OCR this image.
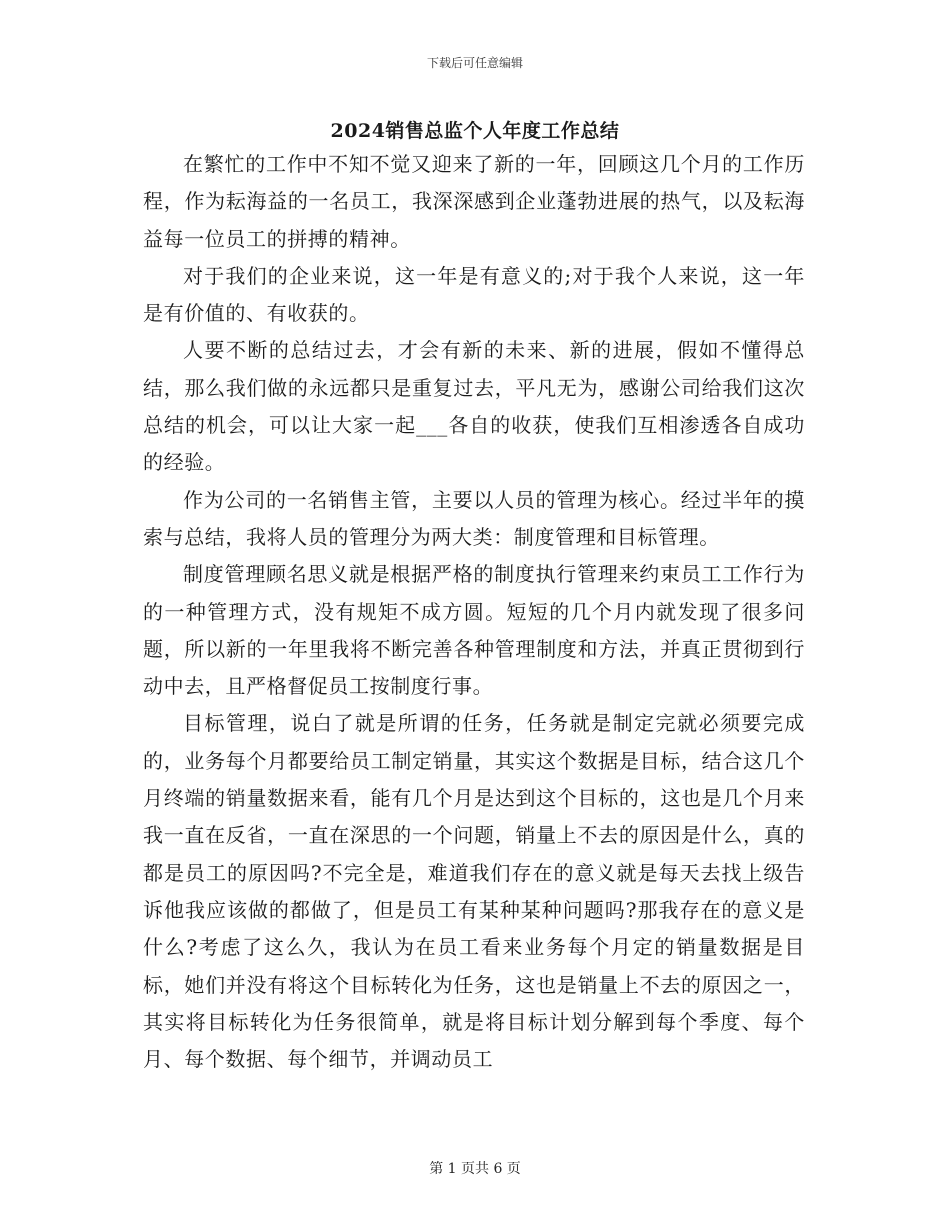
下载后可任意编辑
2024销售总监个人年度工作总结

在繁忙的工作中不知不觉又迎来了新的一年，回顾这几个月的工作历程，作为耘海益的一名员工，我深深感到企业蓬勃进展的热气，以及耘海益每一位员工的拼搏的精神。

对于我们的企业来说，这一年是有意义的;对于我个人来说，这一年是有价值的、有收获的。

人要不断的总结过去，才会有新的未来、新的进展，假如不懂得总结，那么我们做的永远都只是重复过去，平凡无为，感谢公司给我们这次总结的机会，可以让大家一起___各自的收获，使我们互相渗透各自成功的经验。

作为公司的一名销售主管，主要以人员的管理为核心。经过半年的摸索与总结，我将人员的管理分为两大类：制度管理和目标管理。

制度管理顾名思义就是根据严格的制度执行管理来约束员工工作行为的一种管理方式，没有规矩不成方圆。短短的几个月内就发现了很多问题，所以新的一年里我将不断完善各种管理制度和方法，并真正贯彻到行动中去，且严格督促员工按制度行事。

目标管理，说白了就是所谓的任务，任务就是制定完就必须要完成的，业务每个月都要给员工制定销量，其实这个数据是目标，结合这几个月终端的销量数据来看，能有几个月是达到这个目标的，这也是几个月来我一直在反省，一直在深思的一个问题，销量上不去的原因是什么，真的都是员工的原因吗?不完全是，难道我们存在的意义就是每天去找上级告诉他我应该做的都做了，但是员工有某种某种问题吗?那我存在的意义是什么?考虑了这么久，我认为在员工看来业务每个月定的销量数据是目标，她们并没有将这个目标转化为任务，这也是销量上不去的原因之一，其实将目标转化为任务很简单，就是将目标计划分解到每个季度、每个月、每个数据、每个细节，并调动员工

第 1 页共 6 页
